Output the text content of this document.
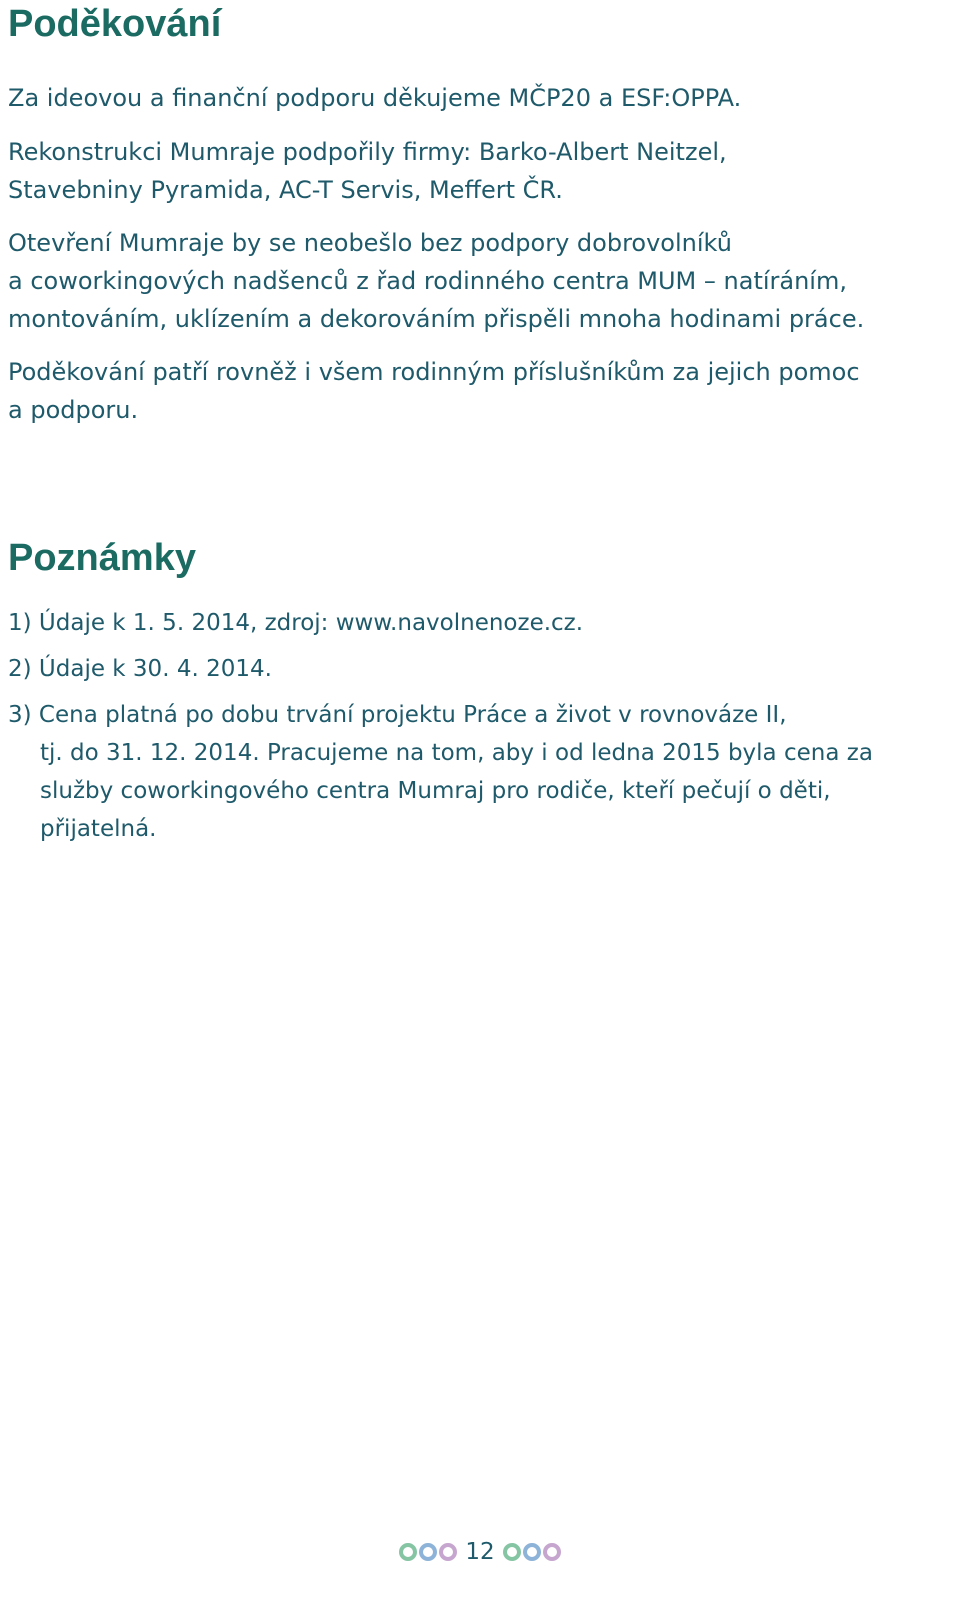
Poděkování

Za ideovou a finanční podporu děkujeme MČP20 a ESF:OPPA.

Rekonstrukci Mumraje podpořily firmy: Barko-Albert Neitzel,
Stavebniny Pyramida, AC-T Servis, Meffert ČR.

Otevření Mumraje by se neobešlo bez podpory dobrovolníků
a coworkingových nadšenců z řad rodinného centra MUM – natíráním,
montováním, uklízením a dekorováním přispěli mnoha hodinami práce.

Poděkování patří rovněž i všem rodinným příslušníkům za jejich pomoc
a podporu.

Poznámky
1) Údaje k 1. 5. 2014, zdroj: www.navolnenoze.cz.
2) Údaje k 30. 4. 2014.
3) Cena platná po dobu trvání projektu Práce a život v rovnováze II,
tj. do 31. 12. 2014. Pracujeme na tom, aby i od ledna 2015 byla cena za
služby coworkingového centra Mumraj pro rodiče, kteří pečují o děti,
přijatelná.
12
